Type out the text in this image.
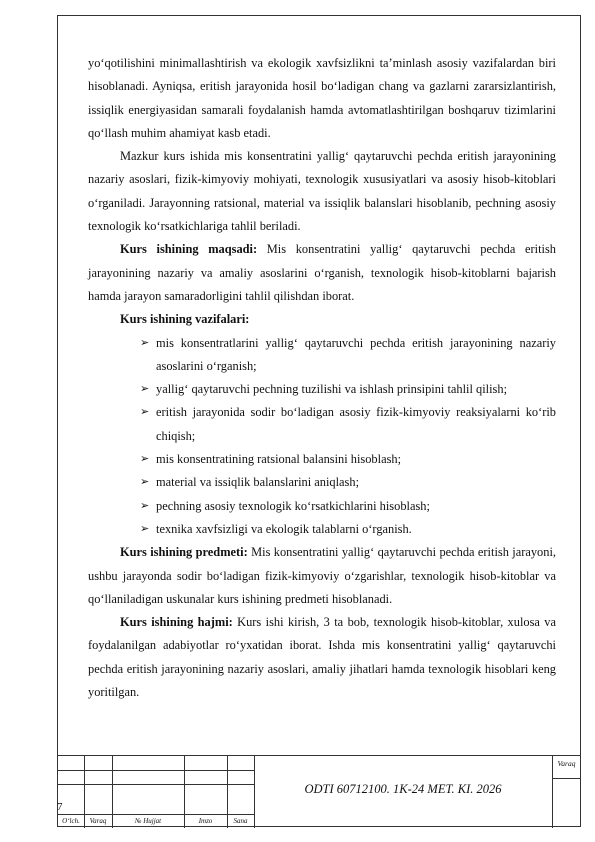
yo‘qotilishini minimallashtirish va ekologik xavfsizlikni ta’minlash asosiy vazifalardan biri hisoblanadi. Ayniqsa, eritish jarayonida hosil bo‘ladigan chang va gazlarni zararsizlantirish, issiqlik energiyasidan samarali foydalanish hamda avtomatlashtirilgan boshqaruv tizimlarini qo‘llash muhim ahamiyat kasb etadi.

Mazkur kurs ishida mis konsentratini yallig‘ qaytaruvchi pechda eritish jarayonining nazariy asoslari, fizik-kimyoviy mohiyati, texnologik xususiyatlari va asosiy hisob-kitoblari o‘rganiladi. Jarayonning ratsional, material va issiqlik balanslari hisoblanib, pechning asosiy texnologik ko‘rsatkichlariga tahlil beriladi.

Kurs ishining maqsadi: Mis konsentratini yallig‘ qaytaruvchi pechda eritish jarayonining nazariy va amaliy asoslarini o‘rganish, texnologik hisob-kitoblarni bajarish hamda jarayon samaradorligini tahlil qilishdan iborat.

Kurs ishining vazifalari:

➢ mis konsentratlarini yallig‘ qaytaruvchi pechda eritish jarayonining nazariy asoslarini o‘rganish;
➢ yallig‘ qaytaruvchi pechning tuzilishi va ishlash prinsipini tahlil qilish;
➢ eritish jarayonida sodir bo‘ladigan asosiy fizik-kimyoviy reaksiyalarni ko‘rib chiqish;
➢ mis konsentratining ratsional balansini hisoblash;
➢ material va issiqlik balanslarini aniqlash;
➢ pechning asosiy texnologik ko‘rsatkichlarini hisoblash;
➢ texnika xavfsizligi va ekologik talablarni o‘rganish.

Kurs ishining predmeti: Mis konsentratini yallig‘ qaytaruvchi pechda eritish jarayoni, ushbu jarayonda sodir bo‘ladigan fizik-kimyoviy o‘zgarishlar, texnologik hisob-kitoblar va qo‘llaniladigan uskunalar kurs ishining predmeti hisoblanadi.

Kurs ishining hajmi: Kurs ishi kirish, 3 ta bob, texnologik hisob-kitoblar, xulosa va foydalanilgan adabiyotlar ro‘yxatidan iborat. Ishda mis konsentratini yallig‘ qaytaruvchi pechda eritish jarayonining nazariy asoslari, amaliy jihatlari hamda texnologik hisoblari keng yoritilgan.

7
O‘lch.	Varaq	№ Hujjat	Imzo	Sana
ODTI 60712100. 1K-24 MET. KI. 2026
Varaq
